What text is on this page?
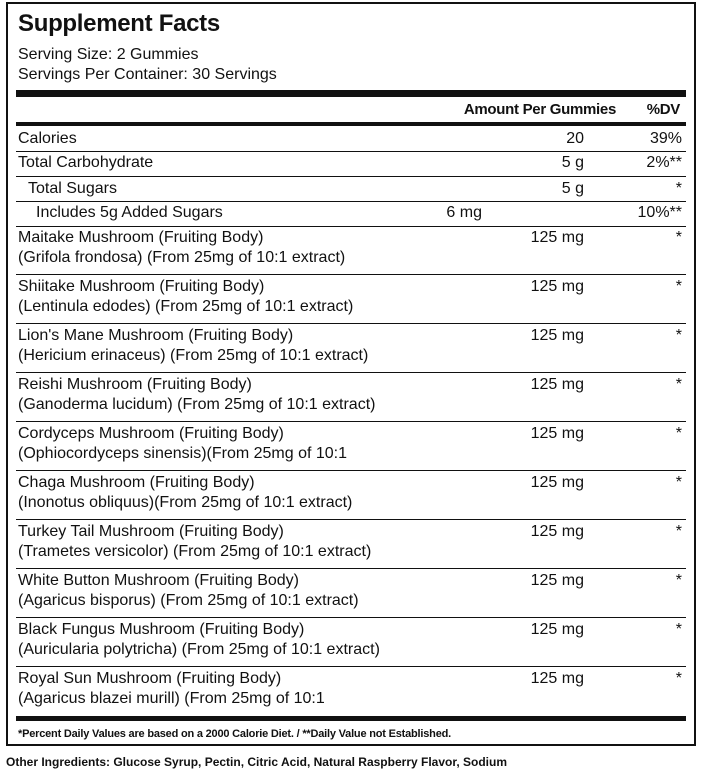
Supplement Facts
Serving Size: 2 Gummies
Servings Per Container: 30 Servings
Amount Per Gummies %DV
Calories	20	39%
Total Carbohydrate	5 g	2%**
Total Sugars	5 g	*
Includes 5g Added Sugars	6 mg	10%**
Maitake Mushroom (Fruiting Body)
(Grifola frondosa) (From 25mg of 10:1 extract)
125 mg	*
Shiitake Mushroom (Fruiting Body)
(Lentinula edodes) (From 25mg of 10:1 extract)
125 mg	*
Lion's Mane Mushroom (Fruiting Body)
(Hericium erinaceus) (From 25mg of 10:1 extract)
125 mg	*
Reishi Mushroom (Fruiting Body)
(Ganoderma lucidum) (From 25mg of 10:1 extract)
125 mg	*
Cordyceps Mushroom (Fruiting Body)
(Ophiocordyceps sinensis)(From 25mg of 10:1
125 mg	*
Chaga Mushroom (Fruiting Body)
(Inonotus obliquus)(From 25mg of 10:1 extract)
125 mg	*
Turkey Tail Mushroom (Fruiting Body)
(Trametes versicolor) (From 25mg of 10:1 extract)
125 mg	*
White Button Mushroom (Fruiting Body)
(Agaricus bisporus) (From 25mg of 10:1 extract)
125 mg	*
Black Fungus Mushroom (Fruiting Body)
(Auricularia polytricha) (From 25mg of 10:1 extract)
125 mg	*
Royal Sun Mushroom (Fruiting Body)
(Agaricus blazei murill) (From 25mg of 10:1
125 mg	*
*Percent Daily Values are based on a 2000 Calorie Diet. / **Daily Value not Established.
Other Ingredients: Glucose Syrup, Pectin, Citric Acid, Natural Raspberry Flavor, Sodium
